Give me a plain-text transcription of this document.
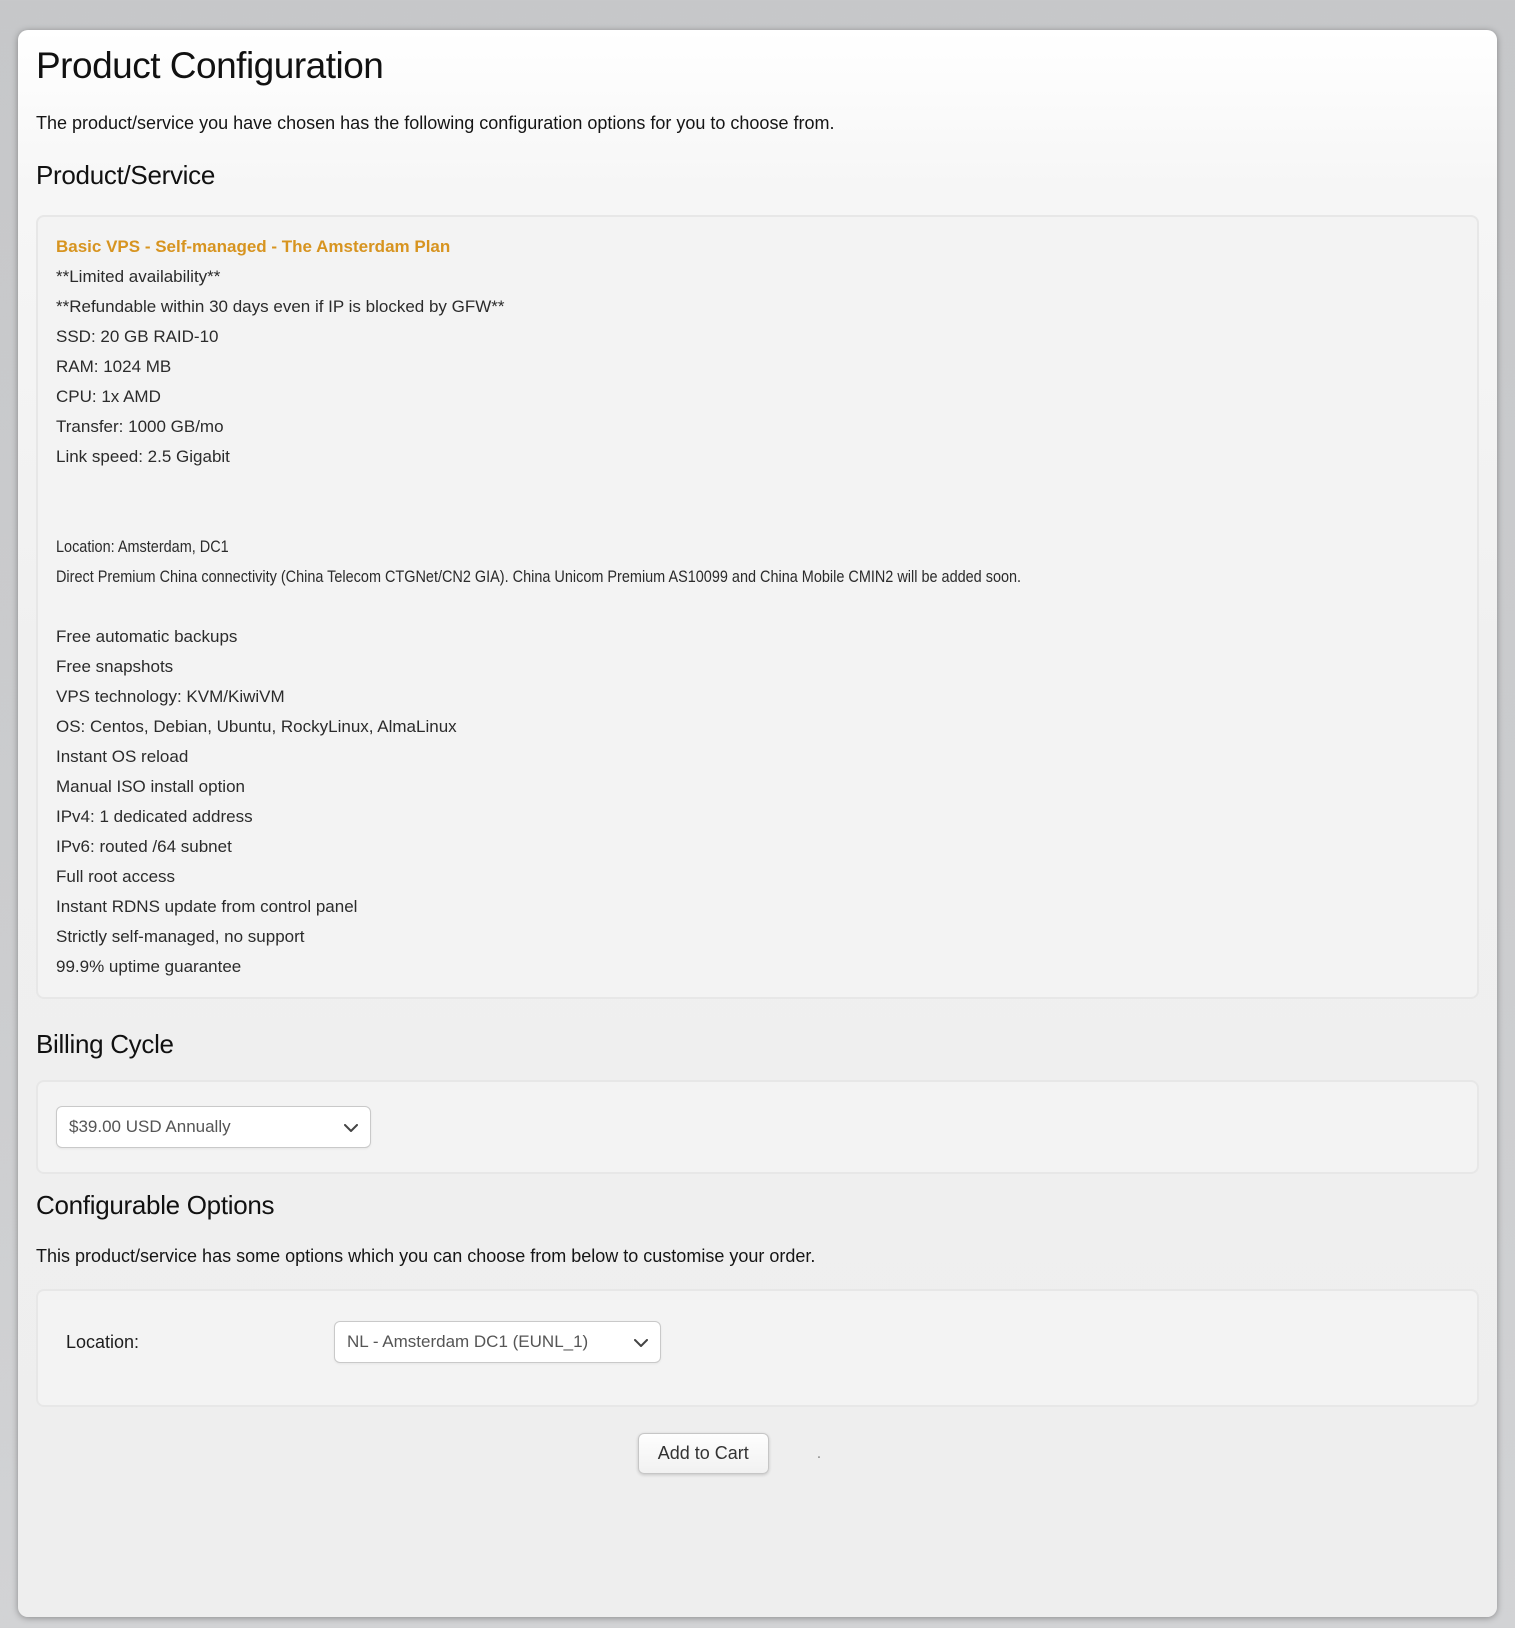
Product Configuration

The product/service you have chosen has the following configuration options for you to choose from.

Product/Service
Basic VPS - Self-managed - The Amsterdam Plan
**Limited availability**
**Refundable within 30 days even if IP is blocked by GFW**
SSD: 20 GB RAID-10
RAM: 1024 MB
CPU: 1x AMD
Transfer: 1000 GB/mo
Link speed: 2.5 Gigabit

Location: Amsterdam, DC1
Direct Premium China connectivity (China Telecom CTGNet/CN2 GIA). China Unicom Premium AS10099 and China Mobile CMIN2 will be added soon.

Free automatic backups
Free snapshots
VPS technology: KVM/KiwiVM
OS: Centos, Debian, Ubuntu, RockyLinux, AlmaLinux
Instant OS reload
Manual ISO install option
IPv4: 1 dedicated address
IPv6: routed /64 subnet
Full root access
Instant RDNS update from control panel
Strictly self-managed, no support
99.9% uptime guarantee
Billing Cycle
$39.00 USD Annually
Configurable Options

This product/service has some options which you can choose from below to customise your order.

Location:	NL - Amsterdam DC1 (EUNL_1)
Add to Cart	.
